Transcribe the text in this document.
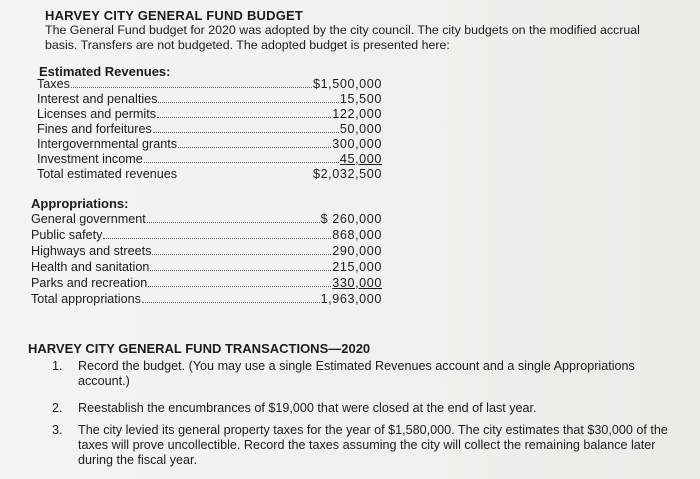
HARVEY CITY GENERAL FUND BUDGET
The General Fund budget for 2020 was adopted by the city council. The city budgets on the modified accrual basis. Transfers are not budgeted. The adopted budget is presented here:
Estimated Revenues:
Taxes	$1,500,000
Interest and penalties	15,500
Licenses and permits	122,000
Fines and forfeitures	50,000
Intergovernmental grants	300,000
Investment income	45,000
Total estimated revenues	$2,032,500
Appropriations:
General government	$ 260,000
Public safety	868,000
Highways and streets	290,000
Health and sanitation	215,000
Parks and recreation	330,000
Total appropriations	1,963,000
HARVEY CITY GENERAL FUND TRANSACTIONS—2020
1.	Record the budget. (You may use a single Estimated Revenues account and a single Appropriations account.)
2.	Reestablish the encumbrances of $19,000 that were closed at the end of last year.
3.	The city levied its general property taxes for the year of $1,580,000. The city estimates that $30,000 of the taxes will prove uncollectible. Record the taxes assuming the city will collect the remaining balance later during the fiscal year.
